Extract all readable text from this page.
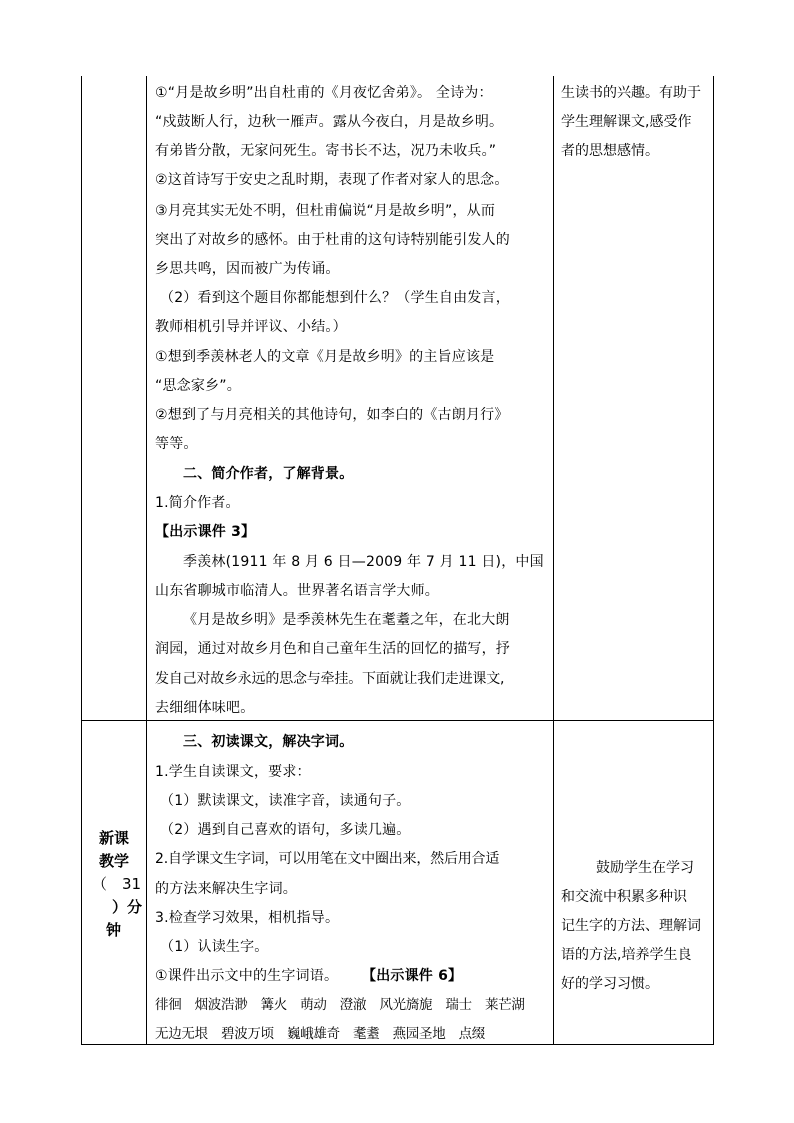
①“月是故乡明”出自杜甫的《月夜忆舍弟》。 全诗为：
“戍鼓断人行，边秋一雁声。露从今夜白，月是故乡明。
有弟皆分散，无家问死生。寄书长不达，况乃未收兵。”
②这首诗写于安史之乱时期，表现了作者对家人的思念。
③月亮其实无处不明，但杜甫偏说“月是故乡明”，从而
突出了对故乡的感怀。由于杜甫的这句诗特别能引发人的
乡思共鸣，因而被广为传诵。
（2）看到这个题目你都能想到什么？（学生自由发言，
教师相机引导并评议、小结。）
①想到季羡林老人的文章《月是故乡明》的主旨应该是
“思念家乡”。
②想到了与月亮相关的其他诗句，如李白的《古朗月行》
等等。
二、简介作者，了解背景。
1.简介作者。
【出示课件 3】
季羡林(1911 年 8 月 6 日—2009 年 7 月 11 日)，中国
山东省聊城市临清人。世界著名语言学大师。
《月是故乡明》是季羡林先生在耄耋之年，在北大朗
润园，通过对故乡月色和自己童年生活的回忆的描写，抒
发自己对故乡永远的思念与牵挂。下面就让我们走进课文,
去细细体味吧。
生读书的兴趣。有助于
学生理解课文,感受作
者的思想感情。
新课
教学
（　31
）分
钟
三、初读课文，解决字词。
1.学生自读课文，要求：
（1）默读课文，读准字音，读通句子。
（2）遇到自己喜欢的语句，多读几遍。
2.自学课文生字词，可以用笔在文中圈出来，然后用合适
的方法来解决生字词。
3.检查学习效果，相机指导。
（1）认读生字。
①课件出示文中的生字词语。 【出示课件 6】
徘徊　烟波浩渺　篝火　萌动　澄澈　风光旖旎　瑞士　莱芒湖
无边无垠　碧波万顷　巍峨雄奇　耄耋　燕园圣地　点缀
鼓励学生在学习
和交流中积累多种识
记生字的方法、理解词
语的方法,培养学生良
好的学习习惯。
